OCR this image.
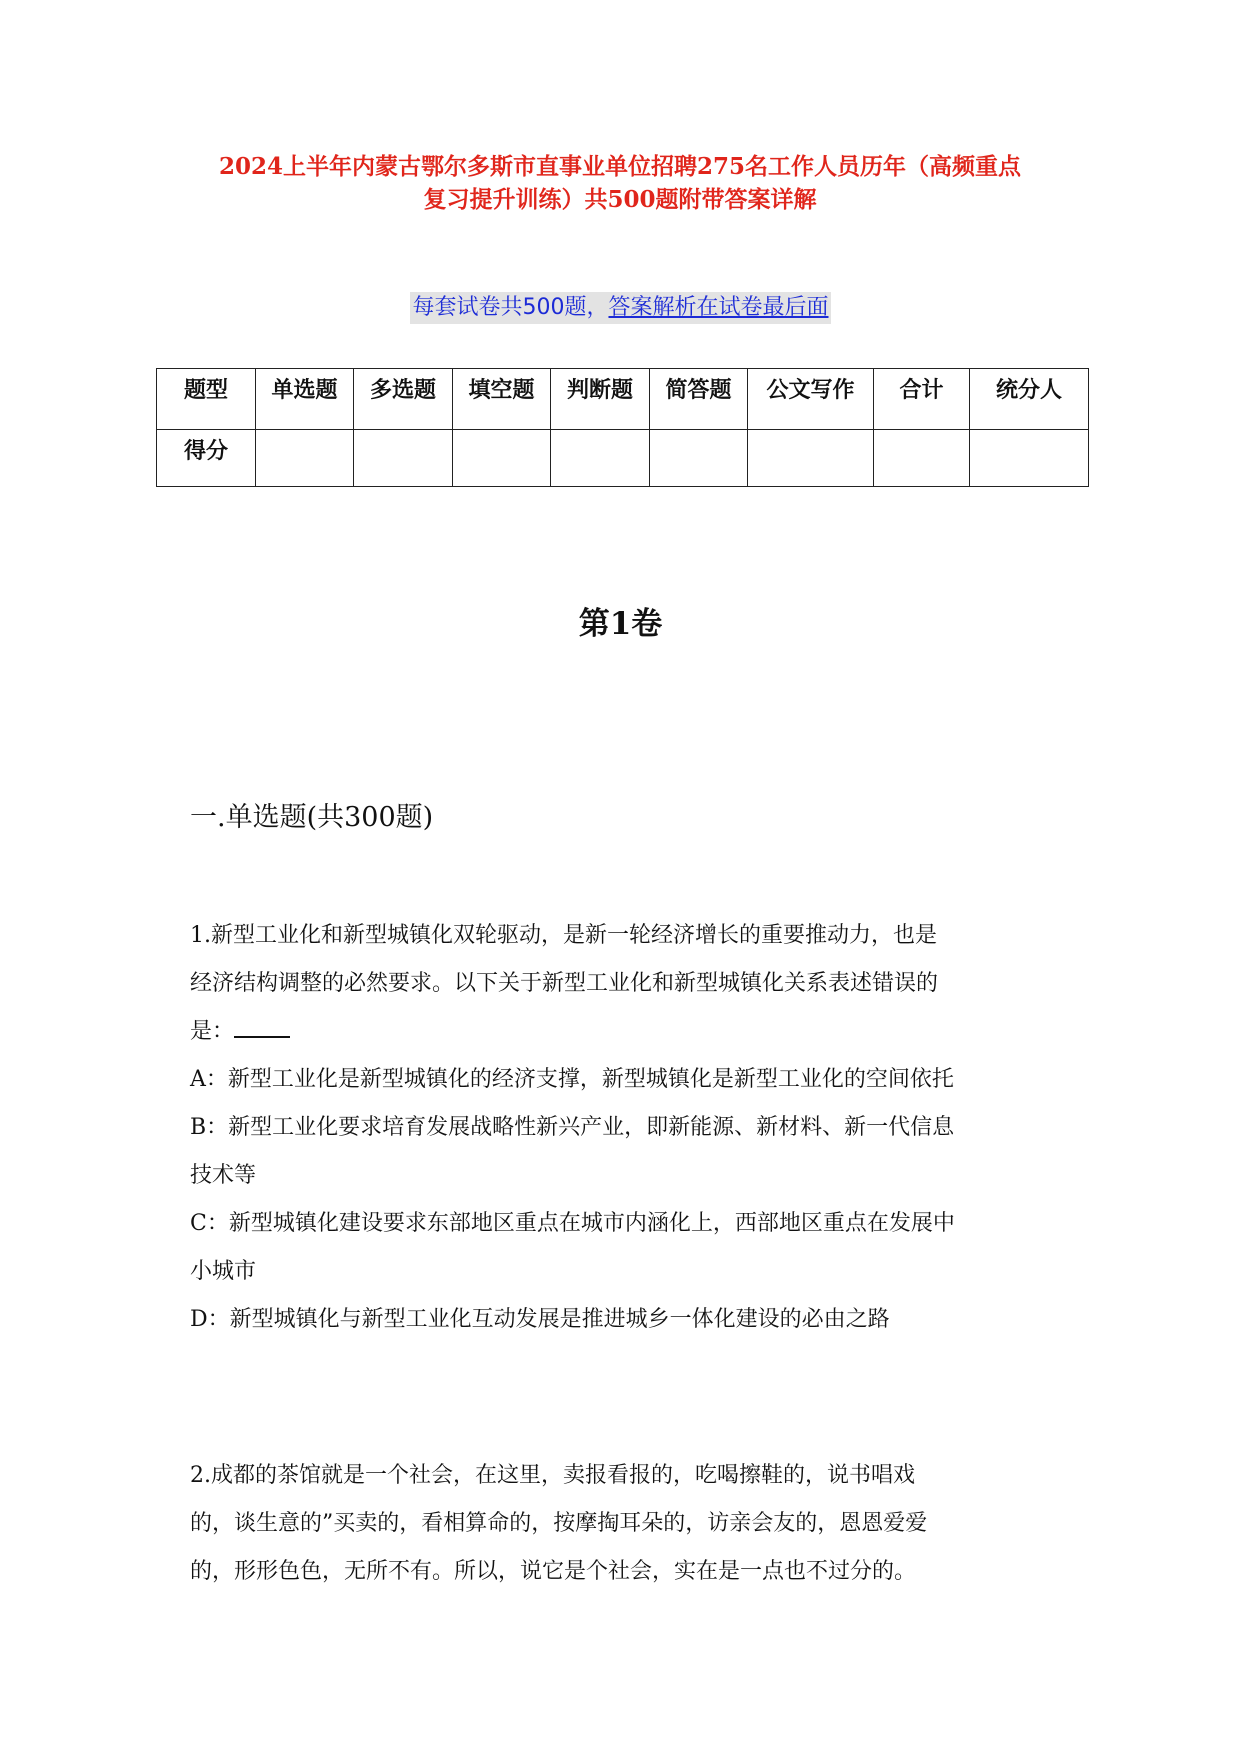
2024上半年内蒙古鄂尔多斯市直事业单位招聘275名工作人员历年（高频重点
复习提升训练）共500题附带答案详解
每套试卷共500题，答案解析在试卷最后面
题型	单选题	多选题	填空题	判断题	简答题	公文写作	合计	统分人
得分								
第1卷
一.单选题(共300题)

1.新型工业化和新型城镇化双轮驱动，是新一轮经济增长的重要推动力，也是

经济结构调整的必然要求。以下关于新型工业化和新型城镇化关系表述错误的

是：

A：新型工业化是新型城镇化的经济支撑，新型城镇化是新型工业化的空间依托

B：新型工业化要求培育发展战略性新兴产业，即新能源、新材料、新一代信息

技术等

C：新型城镇化建设要求东部地区重点在城市内涵化上，西部地区重点在发展中

小城市

D：新型城镇化与新型工业化互动发展是推进城乡一体化建设的必由之路

2.成都的茶馆就是一个社会，在这里，卖报看报的，吃喝擦鞋的，说书唱戏

的，谈生意的”买卖的，看相算命的，按摩掏耳朵的，访亲会友的，恩恩爱爱

的，形形色色，无所不有。所以，说它是个社会，实在是一点也不过分的。
